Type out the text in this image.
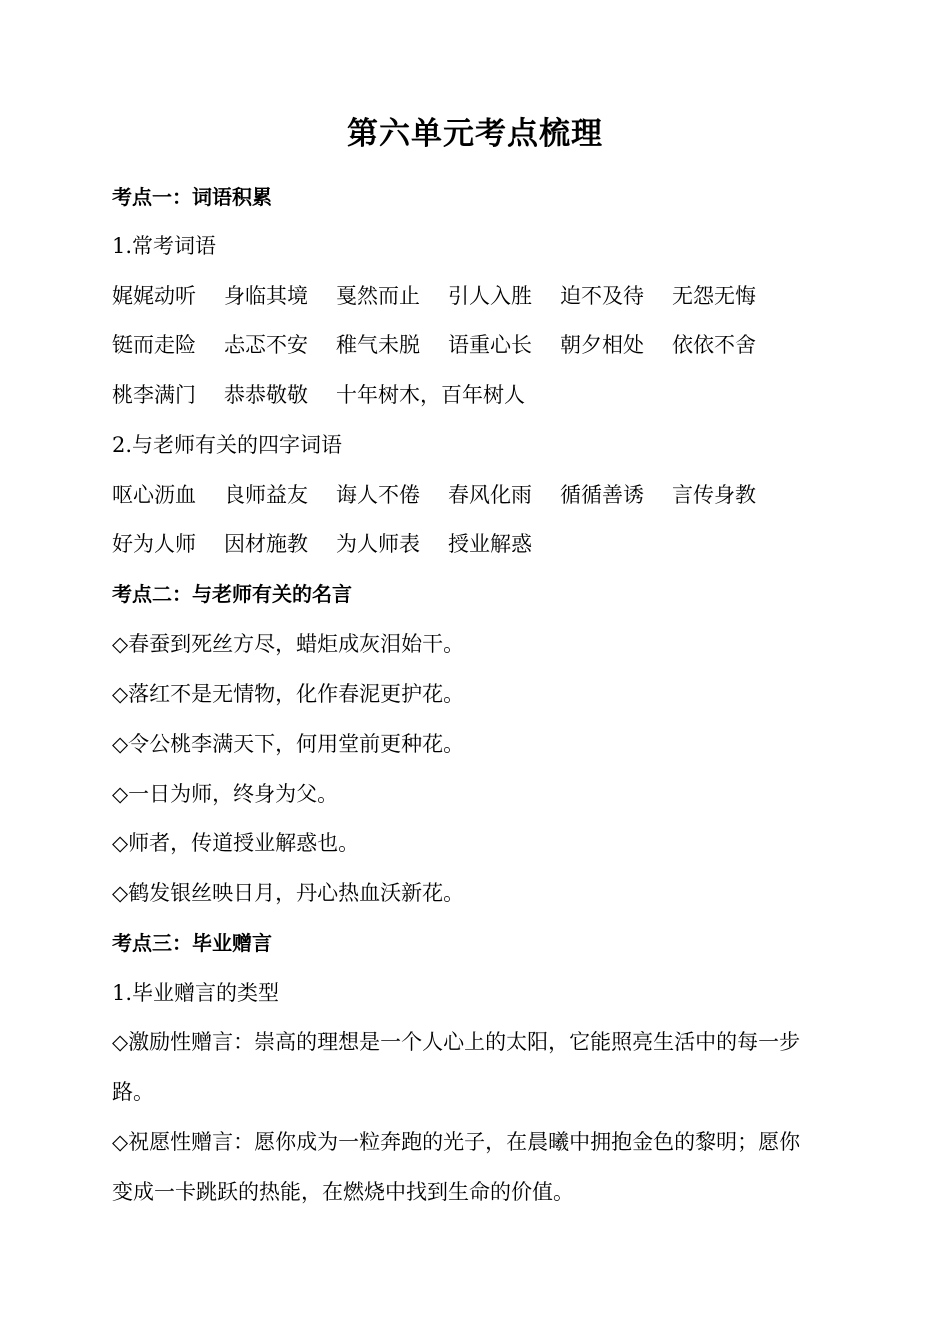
第六单元考点梳理
考点一：词语积累
1.常考词语
娓娓动听 身临其境 戛然而止 引人入胜 迫不及待 无怨无悔
铤而走险 忐忑不安 稚气未脱 语重心长 朝夕相处 依依不舍
桃李满门 恭恭敬敬 十年树木，百年树人
2.与老师有关的四字词语
呕心沥血 良师益友 诲人不倦 春风化雨 循循善诱 言传身教
好为人师 因材施教 为人师表 授业解惑
考点二：与老师有关的名言
◇春蚕到死丝方尽，蜡炬成灰泪始干。
◇落红不是无情物，化作春泥更护花。
◇令公桃李满天下，何用堂前更种花。
◇一日为师，终身为父。
◇师者，传道授业解惑也。
◇鹤发银丝映日月，丹心热血沃新花。
考点三：毕业赠言
1.毕业赠言的类型
◇激励性赠言：崇高的理想是一个人心上的太阳，它能照亮生活中的每一步
路。
◇祝愿性赠言：愿你成为一粒奔跑的光子，在晨曦中拥抱金色的黎明；愿你
变成一卡跳跃的热能，在燃烧中找到生命的价值。
